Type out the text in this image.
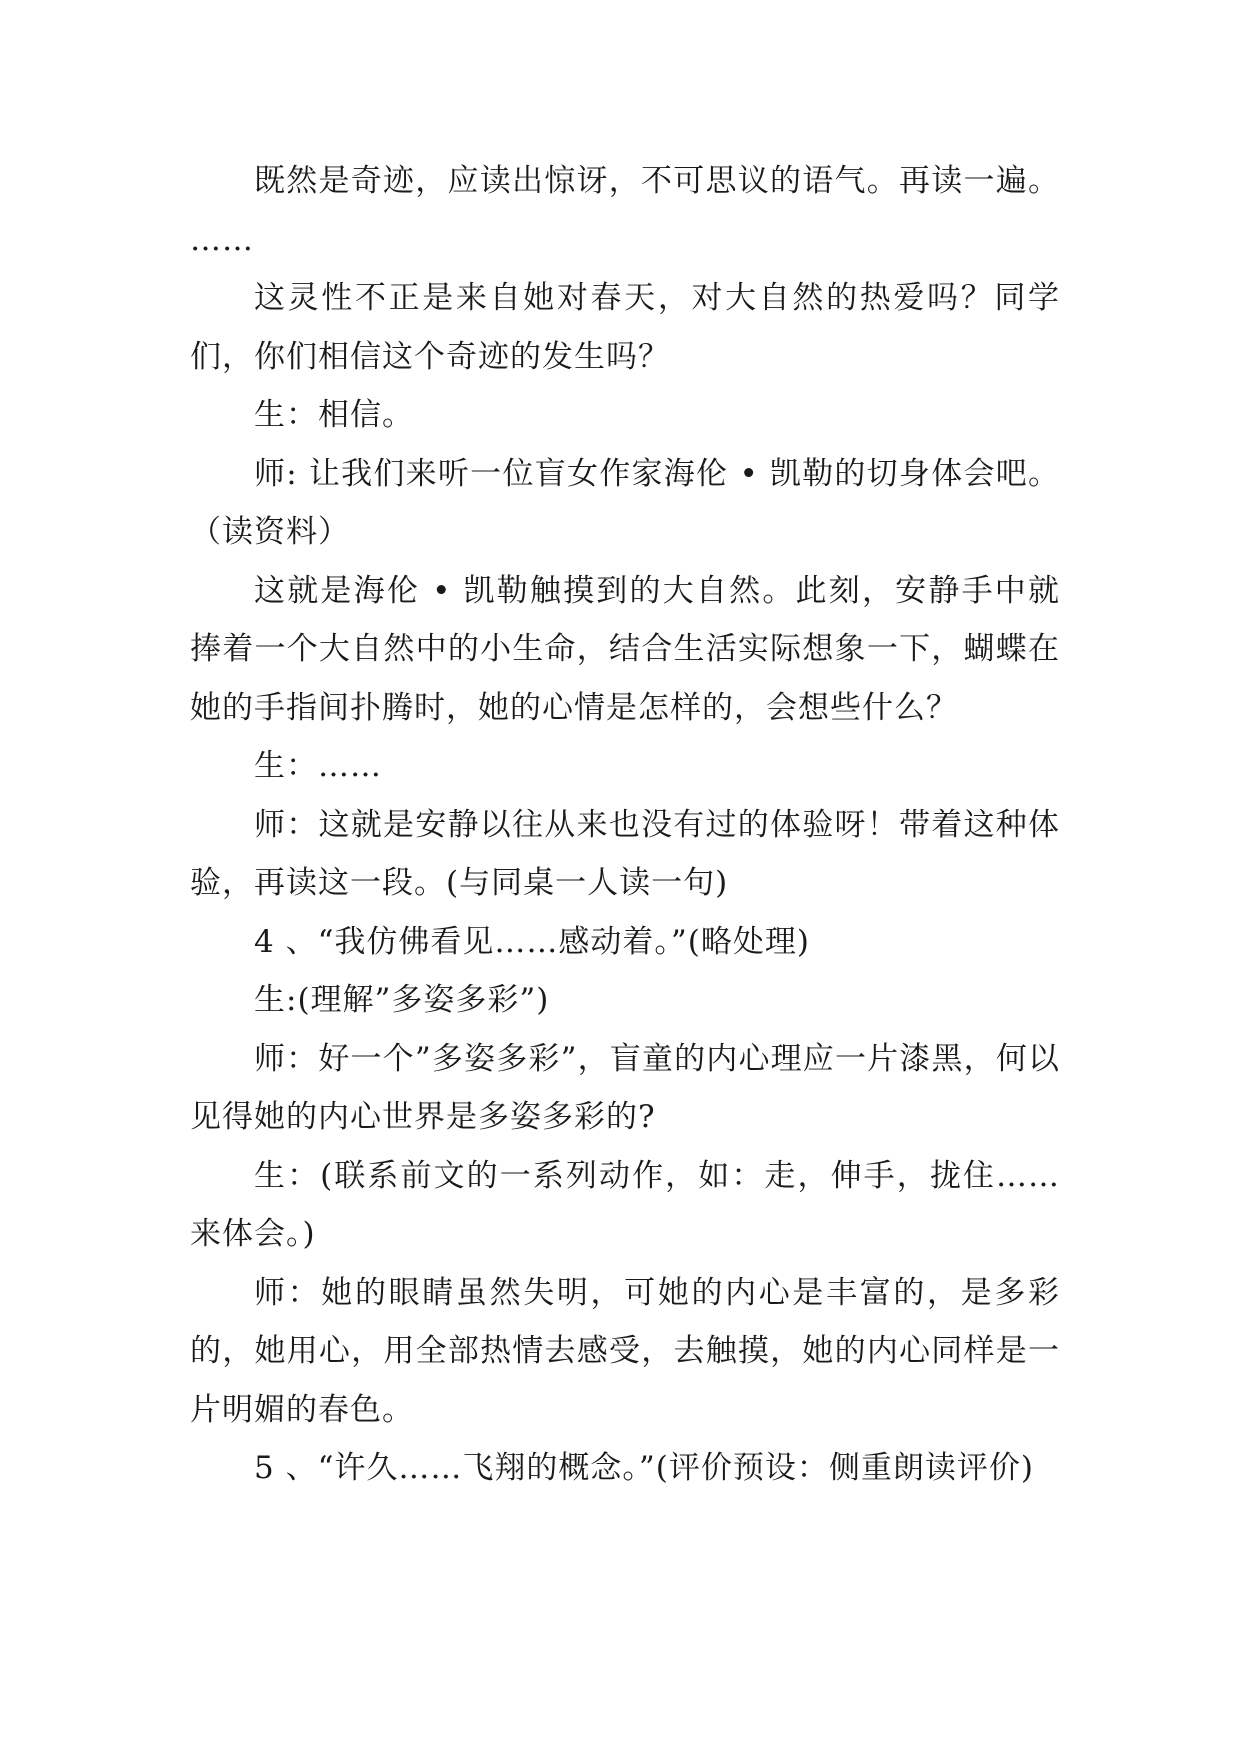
既然是奇迹，应读出惊讶，不可思议的语气。再读一遍。 ……

这灵性不正是来自她对春天，对大自然的热爱吗？同学们，你们相信这个奇迹的发生吗？

生：相信。

师: 让我们来听一位盲女作家海伦 • 凯勒的切身体会吧。（读资料）

这就是海伦 • 凯勒触摸到的大自然。此刻，安静手中就捧着一个大自然中的小生命，结合生活实际想象一下，蝴蝶在她的手指间扑腾时，她的心情是怎样的，会想些什么？

生：……

师：这就是安静以往从来也没有过的体验呀！带着这种体验，再读这一段。(与同桌一人读一句)

4 、“我仿佛看见……感动着。”(略处理)

生:(理解”多姿多彩”)

师：好一个”多姿多彩”，盲童的内心理应一片漆黑，何以见得她的内心世界是多姿多彩的?

生：(联系前文的一系列动作，如：走，伸手，拢住……来体会。)

师：她的眼睛虽然失明，可她的内心是丰富的，是多彩的，她用心，用全部热情去感受，去触摸，她的内心同样是一片明媚的春色。

5 、“许久……飞翔的概念。”(评价预设：侧重朗读评价)
